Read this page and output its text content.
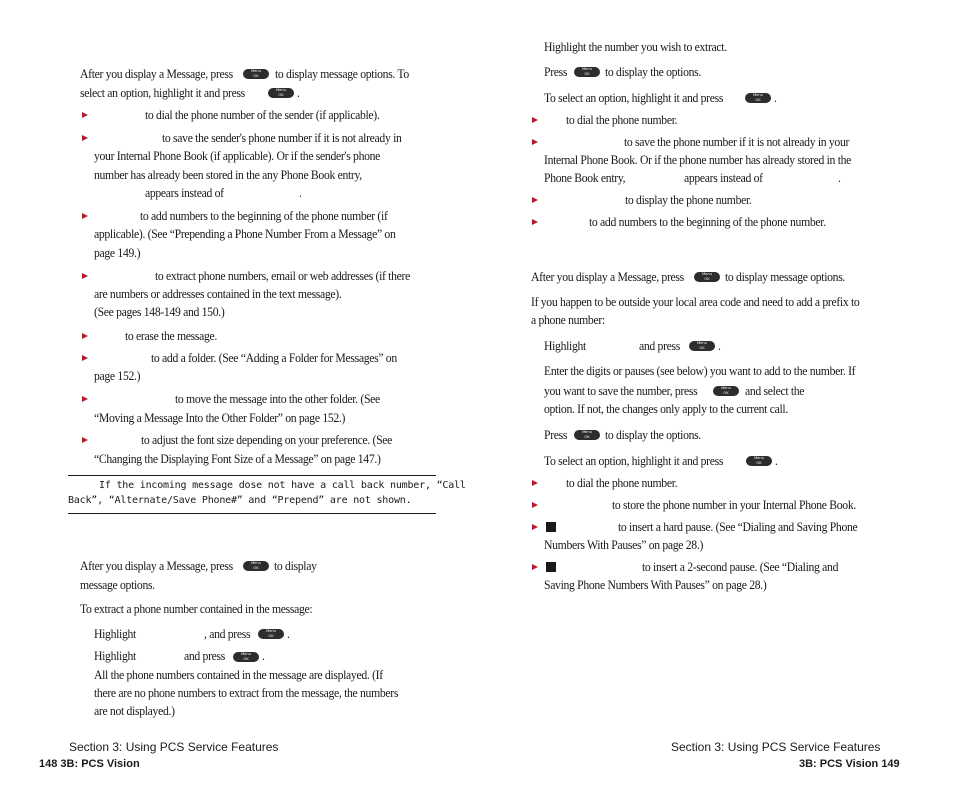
After you display a Message, press Menu OK	to display message options. To
select an option, highlight it and press Menu OK	.
to dial the phone number of the sender (if applicable).
to save the sender's phone number if it is not already in
your Internal Phone Book (if applicable). Or if the sender's phone
number has already been stored in the any Phone Book entry,
appears instead of	.
to add numbers to the beginning of the phone number (if
applicable). (See “Prepending a Phone Number From a Message” on
page 149.)
to extract phone numbers, email or web addresses (if there
are numbers or addresses contained in the text message).
(See pages 148-149 and 150.)
to erase the message.
to add a folder. (See “Adding a Folder for Messages” on
page 152.)
to move the message into the other folder. (See
“Moving a Message Into the Other Folder” on page 152.)
to adjust the font size depending on your preference. (See
“Changing the Displaying Font Size of a Message” on page 147.)
If the incoming message dose not have a call back number, “Call
Back”, “Alternate/Save Phone#” and “Prepend” are not shown.
After you display a Message, press Menu OK	to display
message options.
To extract a phone number contained in the message:
Highlight	, and press Menu OK	.
Highlight	and press Menu OK	.
All the phone numbers contained in the message are displayed. (If
there are no phone numbers to extract from the message, the numbers
are not displayed.)
Section 3: Using PCS Service Features
148 3B: PCS Vision
Highlight the number you wish to extract.
Press Menu OK	to display the options.
To select an option, highlight it and press Menu OK	.
to dial the phone number.
to save the phone number if it is not already in your
Internal Phone Book. Or if the phone number has already stored in the
Phone Book entry,	appears instead of	.
to display the phone number.
to add numbers to the beginning of the phone number.
After you display a Message, press Menu OK	to display message options.
If you happen to be outside your local area code and need to add a prefix to
a phone number:
Highlight	and press Menu OK	.
Enter the digits or pauses (see below) you want to add to the number. If
you want to save the number, press Menu OK	and select the
option. If not, the changes only apply to the current call.
Press Menu OK	to display the options.
To select an option, highlight it and press Menu OK	.
to dial the phone number.
to store the phone number in your Internal Phone Book.
to insert a hard pause. (See “Dialing and Saving Phone
Numbers With Pauses” on page 28.)
to insert a 2-second pause. (See “Dialing and
Saving Phone Numbers With Pauses” on page 28.)
Section 3: Using PCS Service Features
3B: PCS Vision 149
